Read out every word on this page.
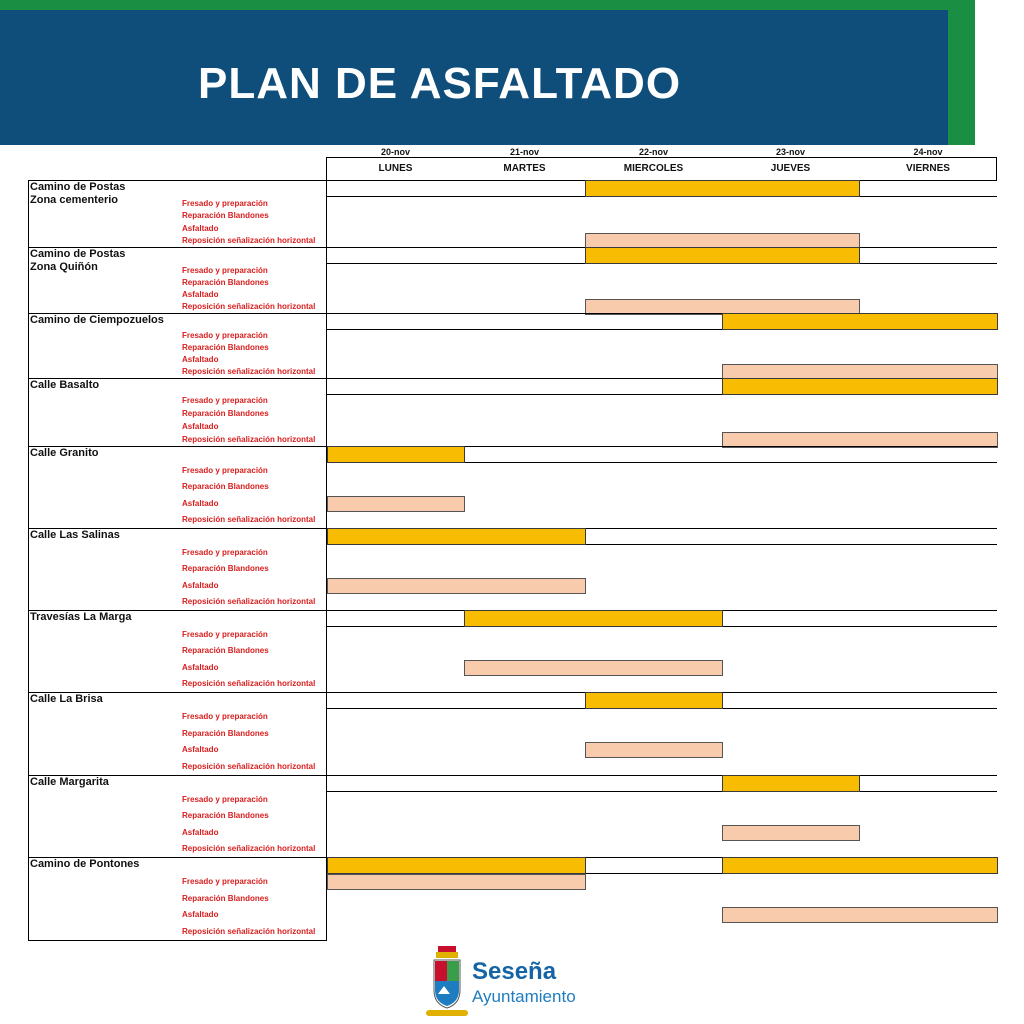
PLAN DE ASFALTADO
20-nov
LUNES
21-nov
MARTES
22-nov
MIERCOLES
23-nov
JUEVES
24-nov
VIERNES
Camino de Postas
Zona cementerio	Fresado y preparación
Reparación Blandones
Asfaltado
Reposición señalización horizontal
Camino de Postas
Zona Quiñón	Fresado y preparación
Reparación Blandones
Asfaltado
Reposición señalización horizontal
Camino de Ciempozuelos
Fresado y preparación
Reparación Blandones
Asfaltado
Reposición señalización horizontal
Calle Basalto
Fresado y preparación
Reparación Blandones
Asfaltado
Reposición señalización horizontal
Calle Granito
Fresado y preparación
Reparación Blandones
Asfaltado
Reposición señalización horizontal
Calle Las Salinas
Fresado y preparación
Reparación Blandones
Asfaltado
Reposición señalización horizontal
Travesías La Marga
Fresado y preparación
Reparación Blandones
Asfaltado
Reposición señalización horizontal
Calle La Brisa
Fresado y preparación
Reparación Blandones
Asfaltado
Reposición señalización horizontal
Calle Margarita
Fresado y preparación
Reparación Blandones
Asfaltado
Reposición señalización horizontal
Camino de Pontones
Fresado y preparación
Reparación Blandones
Asfaltado
Reposición señalización horizontal
Seseña
Ayuntamiento
